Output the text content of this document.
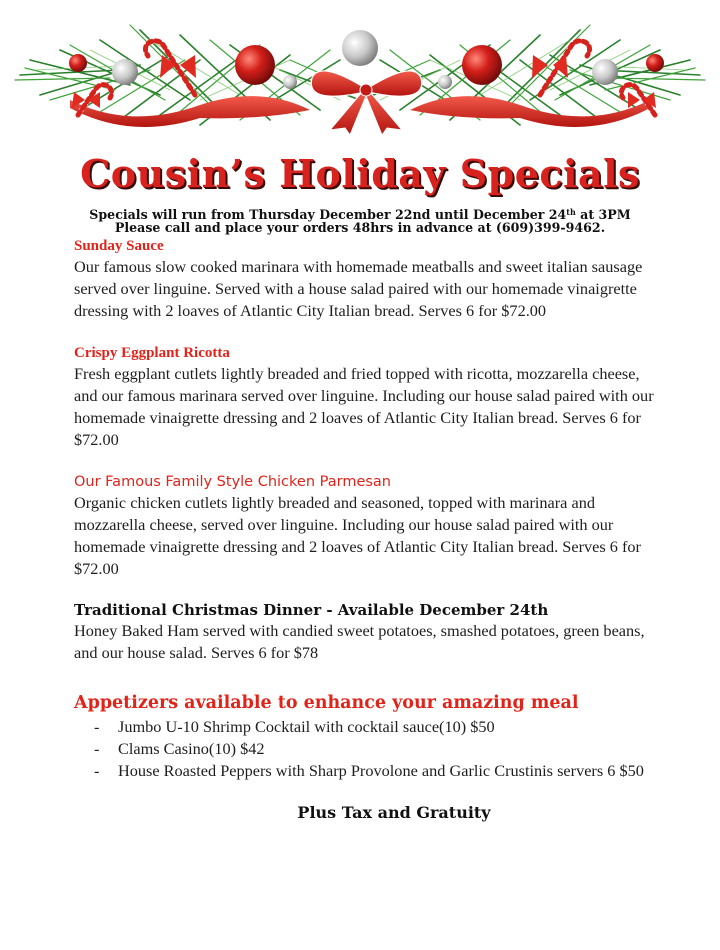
Cousin’s Holiday Specials
Specials will run from Thursday December 22nd until December 24th at 3PM
Please call and place your orders 48hrs in advance at (609)399-9462.
Sunday Sauce
Our famous slow cooked marinara with homemade meatballs and sweet italian sausage served over linguine. Served with a house salad paired with our homemade vinaigrette dressing with 2 loaves of Atlantic City Italian bread. Serves 6 for $72.00
Crispy Eggplant Ricotta
Fresh eggplant cutlets lightly breaded and fried topped with ricotta, mozzarella cheese, and our famous marinara served over linguine. Including our house salad paired with our homemade vinaigrette dressing and 2 loaves of Atlantic City Italian bread. Serves 6 for $72.00
Our Famous Family Style Chicken Parmesan
Organic chicken cutlets lightly breaded and seasoned, topped with marinara and mozzarella cheese, served over linguine. Including our house salad paired with our homemade vinaigrette dressing and 2 loaves of Atlantic City Italian bread. Serves 6 for $72.00
Traditional Christmas Dinner - Available December 24th
Honey Baked Ham served with candied sweet potatoes, smashed potatoes, green beans, and our house salad. Serves 6 for $78
Appetizers available to enhance your amazing meal
- Jumbo U-10 Shrimp Cocktail with cocktail sauce(10) $50
- Clams Casino(10) $42
- House Roasted Peppers with Sharp Provolone and Garlic Crustinis servers 6 $50
Plus Tax and Gratuity
